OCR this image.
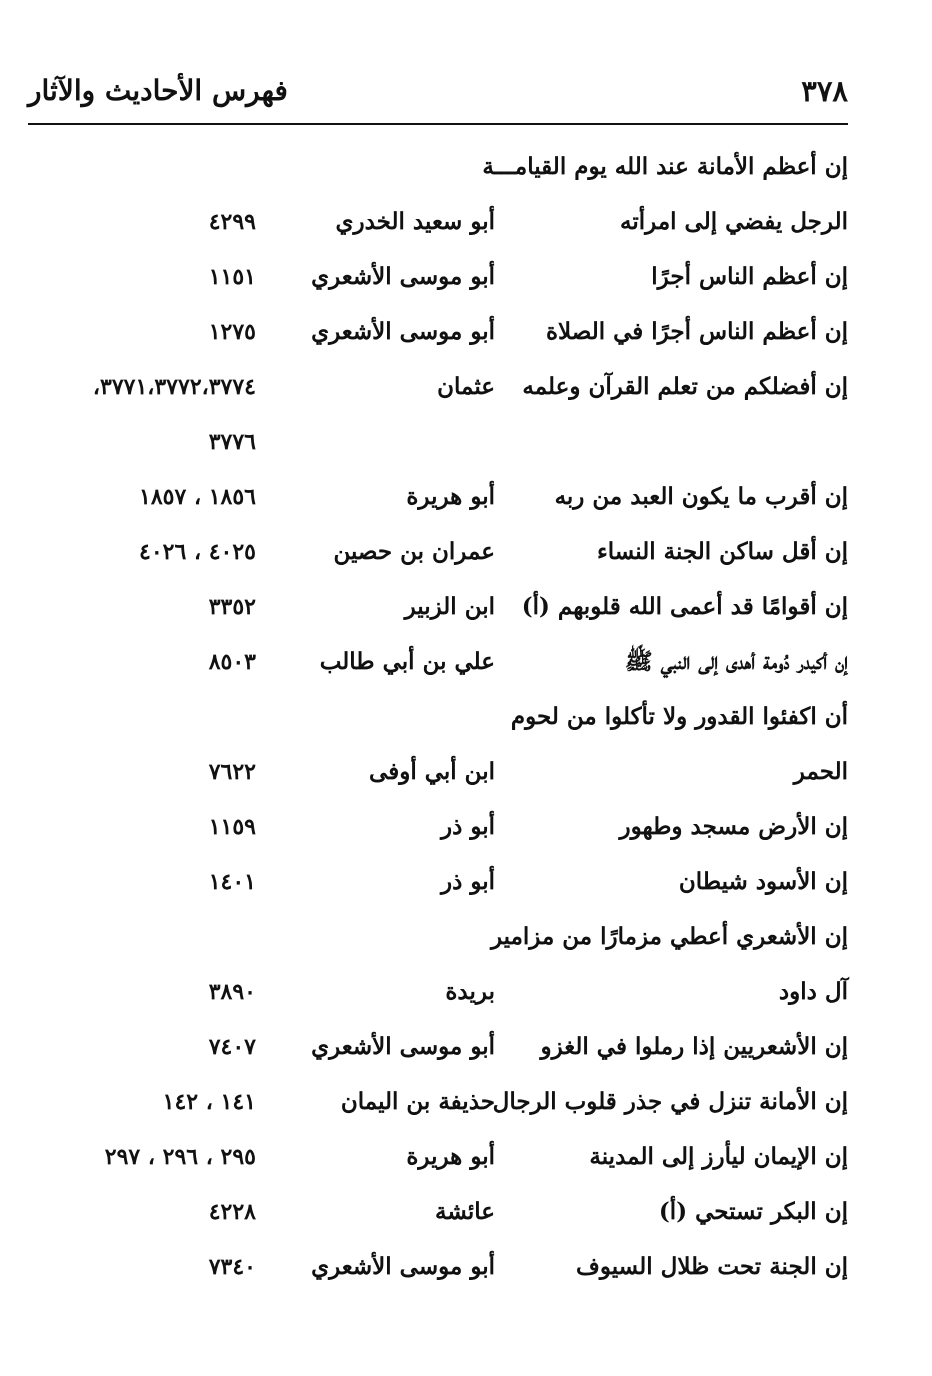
٣٧٨
فهرس الأحاديث والآثار
إن أعظم الأمانة عند الله يوم القيامـــة
الرجل يفضي إلى امرأته
أبو سعيد الخدري
٤٢٩٩
إن أعظم الناس أجرًا
أبو موسى الأشعري
١١٥١
إن أعظم الناس أجرًا في الصلاة
أبو موسى الأشعري
١٢٧٥
إن أفضلكم من تعلم القرآن وعلمه
عثمان
٣٧٧١،٣٧٧٢،٣٧٧٤،
٣٧٧٦
إن أقرب ما يكون العبد من ربه
أبو هريرة
١٨٥٦ ، ١٨٥٧
إن أقل ساكن الجنة النساء
عمران بن حصين
٤٠٢٥ ، ٤٠٢٦
إن أقوامًا قد أعمى الله قلوبهم (أ)
ابن الزبير
٣٣٥٢
إن أكيدر دُومة أهدى إلى النبي ﷺ
علي بن أبي طالب
٨٥٠٣
أن اكفئوا القدور ولا تأكلوا من لحوم
الحمر
ابن أبي أوفى
٧٦٢٢
إن الأرض مسجد وطهور
أبو ذر
١١٥٩
إن الأسود شيطان
أبو ذر
١٤٠١
إن الأشعري أعطي مزمارًا من مزامير
آل داود
بريدة
٣٨٩٠
إن الأشعريين إذا رملوا في الغزو
أبو موسى الأشعري
٧٤٠٧
إن الأمانة تنزل في جذر قلوب الرجال
حذيفة بن اليمان
١٤١ ، ١٤٢
إن الإيمان ليأرز إلى المدينة
أبو هريرة
٢٩٥ ، ٢٩٦ ، ٢٩٧
إن البكر تستحي (أ)
عائشة
٤٢٢٨
إن الجنة تحت ظلال السيوف
أبو موسى الأشعري
٧٣٤٠
